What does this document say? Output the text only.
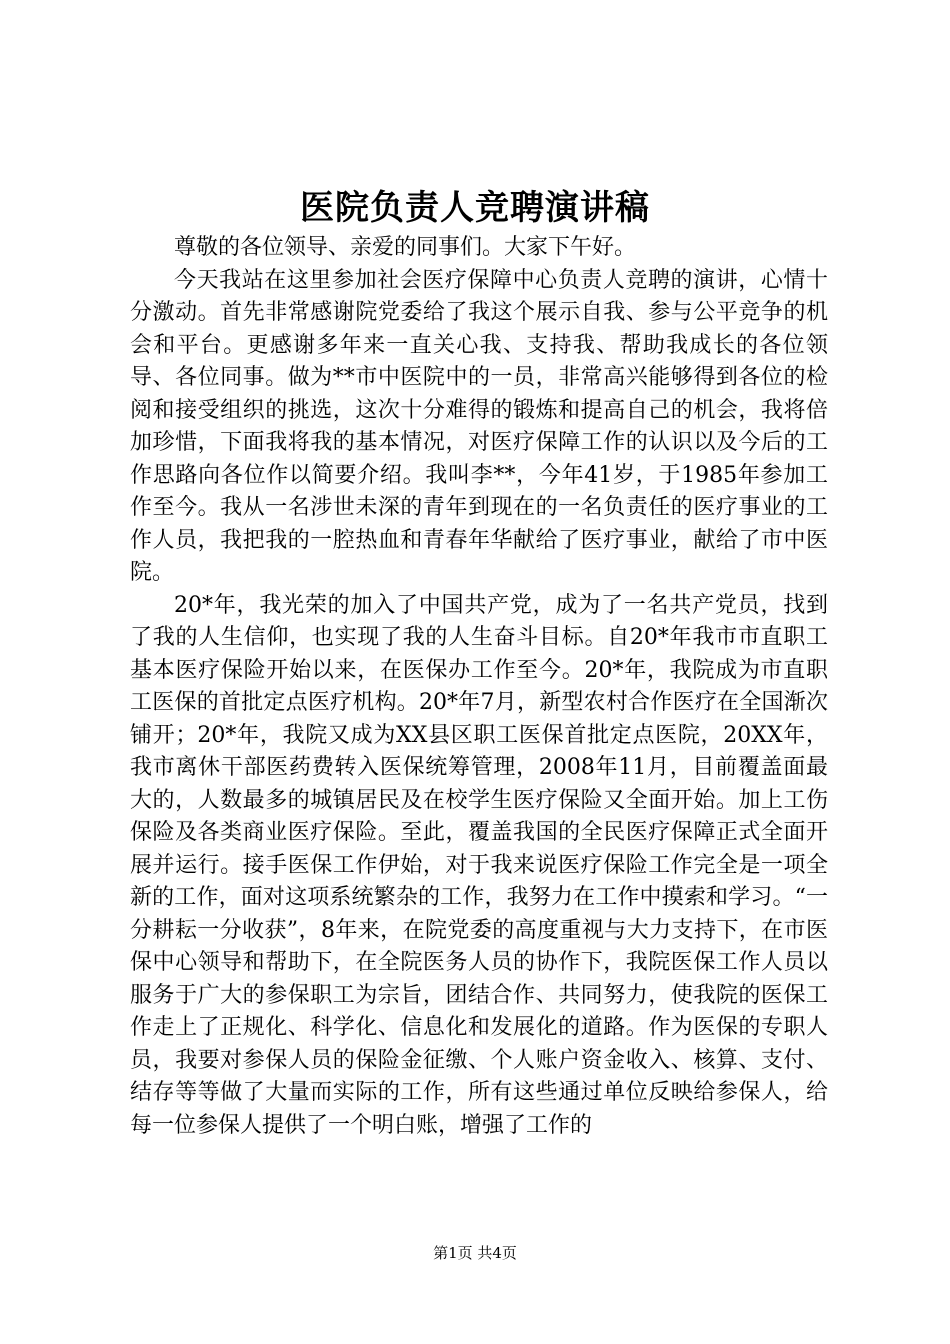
医院负责人竞聘演讲稿

尊敬的各位领导、亲爱的同事们。大家下午好。

今天我站在这里参加社会医疗保障中心负责人竞聘的演讲，心情十分激动。首先非常感谢院党委给了我这个展示自我、参与公平竞争的机会和平台。更感谢多年来一直关心我、支持我、帮助我成长的各位领导、各位同事。做为**市中医院中的一员，非常高兴能够得到各位的检阅和接受组织的挑选，这次十分难得的锻炼和提高自己的机会，我将倍加珍惜，下面我将我的基本情况，对医疗保障工作的认识以及今后的工作思路向各位作以简要介绍。我叫李**，今年41岁，于1985年参加工作至今。我从一名涉世未深的青年到现在的一名负责任的医疗事业的工作人员，我把我的一腔热血和青春年华献给了医疗事业，献给了市中医院。

20*年，我光荣的加入了中国共产党，成为了一名共产党员，找到了我的人生信仰，也实现了我的人生奋斗目标。自20*年我市市直职工基本医疗保险开始以来，在医保办工作至今。20*年，我院成为市直职工医保的首批定点医疗机构。20*年7月，新型农村合作医疗在全国渐次铺开；20*年，我院又成为XX县区职工医保首批定点医院，20XX年，我市离休干部医药费转入医保统筹管理，2008年11月，目前覆盖面最大的，人数最多的城镇居民及在校学生医疗保险又全面开始。加上工伤保险及各类商业医疗保险。至此，覆盖我国的全民医疗保障正式全面开展并运行。接手医保工作伊始，对于我来说医疗保险工作完全是一项全新的工作，面对这项系统繁杂的工作，我努力在工作中摸索和学习。“一分耕耘一分收获”，8年来，在院党委的高度重视与大力支持下，在市医保中心领导和帮助下，在全院医务人员的协作下，我院医保工作人员以服务于广大的参保职工为宗旨，团结合作、共同努力，使我院的医保工作走上了正规化、科学化、信息化和发展化的道路。作为医保的专职人员，我要对参保人员的保险金征缴、个人账户资金收入、核算、支付、结存等等做了大量而实际的工作，所有这些通过单位反映给参保人，给每一位参保人提供了一个明白账，增强了工作的

第1页 共4页
